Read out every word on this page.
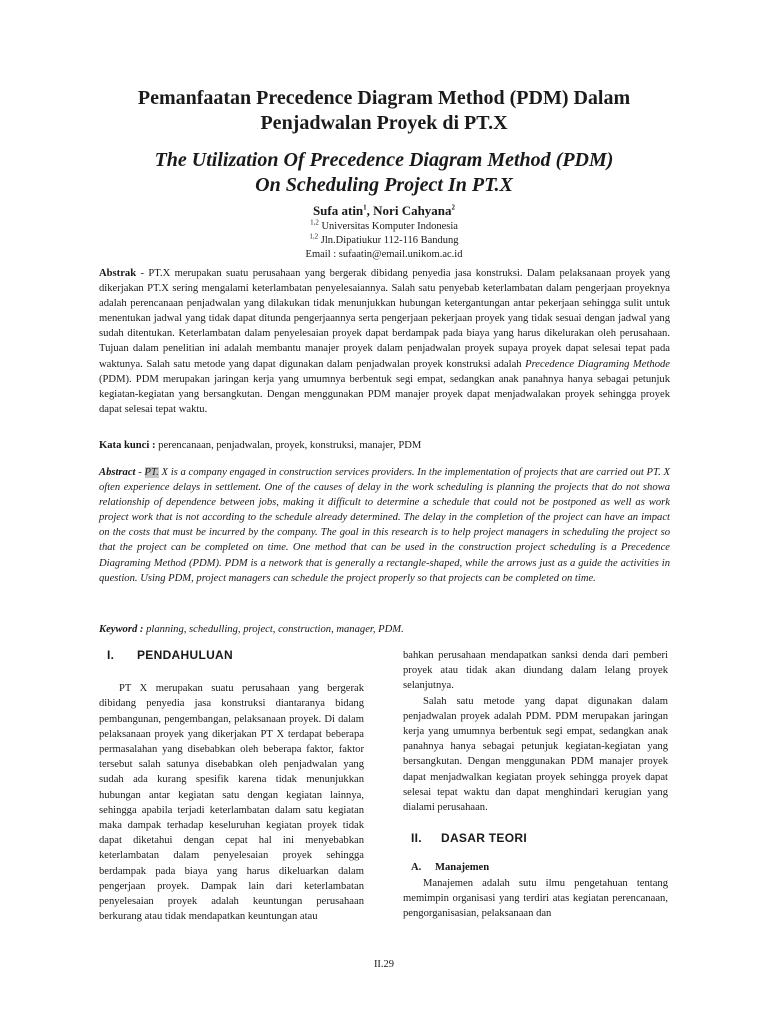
Pemanfaatan Precedence Diagram Method (PDM) Dalam
Penjadwalan Proyek di PT.X
The Utilization Of Precedence Diagram Method (PDM)
On Scheduling Project In PT.X
Sufa atin$^1$, Nori Cahyana$^2$
$^{1,2}$ Universitas Komputer Indonesia
$^{1,2}$ Jln.Dipatiukur 112-116 Bandung
Email : sufaatin@email.unikom.ac.id
Abstrak - PT.X merupakan suatu perusahaan yang bergerak dibidang penyedia jasa konstruksi. Dalam pelaksanaan proyek yang dikerjakan PT.X sering mengalami keterlambatan penyelesaiannya. Salah satu penyebab keterlambatan dalam pengerjaan proyeknya adalah perencanaan penjadwalan yang dilakukan tidak menunjukkan hubungan ketergantungan antar pekerjaan sehingga sulit untuk menentukan jadwal yang tidak dapat ditunda pengerjaannya serta pengerjaan pekerjaan proyek yang tidak sesuai dengan jadwal yang sudah ditentukan. Keterlambatan dalam penyelesaian proyek dapat berdampak pada biaya yang harus dikelurakan oleh perusahaan. Tujuan dalam penelitian ini adalah membantu manajer proyek dalam penjadwalan proyek supaya proyek dapat selesai tepat pada waktunya. Salah satu metode yang dapat digunakan dalam penjadwalan proyek konstruksi adalah Precedence Diagraming Methode (PDM). PDM merupakan jaringan kerja yang umumnya berbentuk segi empat, sedangkan anak panahnya hanya sebagai petunjuk kegiatan-kegiatan yang bersangkutan. Dengan menggunakan PDM manajer proyek dapat menjadwalakan proyek sehingga proyek dapat selesai tepat waktu.
Kata kunci : perencanaan, penjadwalan, proyek, konstruksi, manajer, PDM
Abstract - PT. X is a company engaged in construction services providers. In the implementation of projects that are carried out PT. X often experience delays in settlement. One of the causes of delay in the work scheduling is planning the projects that do not showa relationship of dependence between jobs, making it difficult to determine a schedule that could not be postponed as well as work project work that is not according to the schedule already determined. The delay in the completion of the project can have an impact on the costs that must be incurred by the company. The goal in this research is to help project managers in scheduling the project so that the project can be completed on time. One method that can be used in the construction project scheduling is a Precedence Diagraming Method (PDM). PDM is a network that is generally a rectangle-shaped, while the arrows just as a guide the activities in question. Using PDM, project managers can schedule the project properly so that projects can be completed on time.
Keyword : planning, schedulling, project, construction, manager, PDM.

I. PENDAHULUAN

PT X merupakan suatu perusahaan yang bergerak dibidang penyedia jasa konstruksi diantaranya bidang pembangunan, pengembangan, pelaksanaan proyek. Di dalam pelaksanaan proyek yang dikerjakan PT X terdapat beberapa permasalahan yang disebabkan oleh beberapa faktor, faktor tersebut salah satunya disebabkan oleh penjadwalan yang sudah ada kurang spesifik karena tidak menunjukkan hubungan antar kegiatan satu dengan kegiatan lainnya, sehingga apabila terjadi keterlambatan dalam satu kegiatan maka dampak terhadap keseluruhan kegiatan proyek tidak dapat diketahui dengan cepat hal ini menyebabkan keterlambatan dalam penyelesaian proyek sehingga berdampak pada biaya yang harus dikeluarkan dalam pengerjaan proyek. Dampak lain dari keterlambatan penyelesaian proyek adalah keuntungan perusahaan berkurang atau tidak mendapatkan keuntungan atau

bahkan perusahaan mendapatkan sanksi denda dari pemberi proyek atau tidak akan diundang dalam lelang proyek selanjutnya.

Salah satu metode yang dapat digunakan dalam penjadwalan proyek adalah PDM. PDM merupakan jaringan kerja yang umumnya berbentuk segi empat, sedangkan anak panahnya hanya sebagai petunjuk kegiatan-kegiatan yang bersangkutan. Dengan menggunakan PDM manajer proyek dapat menjadwalkan kegiatan proyek sehingga proyek dapat selesai tepat waktu dan dapat menghindari kerugian yang dialami perusahaan.

II. DASAR TEORI

A. Manajemen

Manajemen adalah sutu ilmu pengetahuan tentang memimpin organisasi yang terdiri atas kegiatan perencanaan, pengorganisasian, pelaksanaan dan

II.29
